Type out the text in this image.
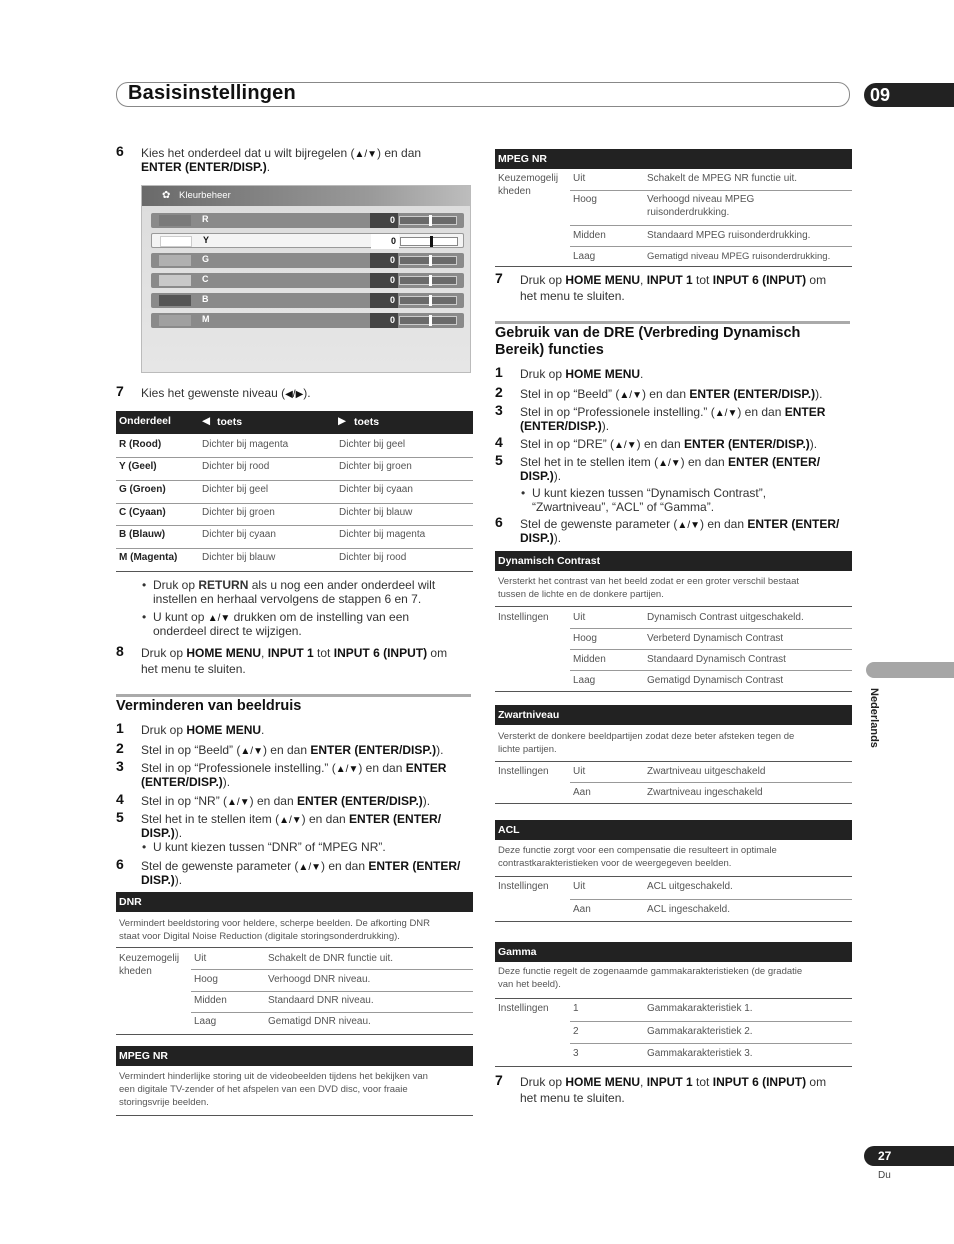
Basisinstellingen	09
6 Kies het onderdeel dat u wilt bijregelen (▲/▼) en dan
ENTER (ENTER/DISP.).
✿ Kleurbeheer
R	0
Y	0
G	0
C	0
B	0
M	0
7 Kies het gewenste niveau (◀/▶).
Onderdeel	◀ toets	▶ toets
R (Rood)	Dichter bij magenta	Dichter bij geel
Y (Geel)	Dichter bij rood	Dichter bij groen
G (Groen)	Dichter bij geel	Dichter bij cyaan
C (Cyaan)	Dichter bij groen	Dichter bij blauw
B (Blauw)	Dichter bij cyaan	Dichter bij magenta
M (Magenta) Dichter bij blauw	Dichter bij rood
• Druk op RETURN als u nog een ander onderdeel wilt
instellen en herhaal vervolgens de stappen 6 en 7.
• U kunt op ▲/▼ drukken om de instelling van een
onderdeel direct te wijzigen.
8 Druk op HOME MENU, INPUT 1 tot INPUT 6 (INPUT) om
het menu te sluiten.
Verminderen van beeldruis
1 Druk op HOME MENU.
2 Stel in op “Beeld” (▲/▼) en dan ENTER (ENTER/DISP.)).
3 Stel in op “Professionele instelling.” (▲/▼) en dan ENTER
(ENTER/DISP.)).
4 Stel in op “NR” (▲/▼) en dan ENTER (ENTER/DISP.)).
5 Stel het in te stellen item (▲/▼) en dan ENTER (ENTER/
DISP.)).
• U kunt kiezen tussen “DNR” of “MPEG NR”.
6 Stel de gewenste parameter (▲/▼) en dan ENTER (ENTER/
DISP.)).
DNR
Vermindert beeldstoring voor heldere, scherpe beelden. De afkorting DNR
staat voor Digital Noise Reduction (digitale storingsonderdrukking).
Keuzemogelij
kheden
Uit	Schakelt de DNR functie uit.
Hoog	Verhoogd DNR niveau.
Midden	Standaard DNR niveau.
Laag	Gematigd DNR niveau.
MPEG NR
Vermindert hinderlijke storing uit de videobeelden tijdens het bekijken van
een digitale TV-zender of het afspelen van een DVD disc, voor fraaie
storingsvrije beelden.
MPEG NR
Keuzemogelij
kheden
Uit	Schakelt de MPEG NR functie uit.
Hoog	Verhoogd niveau MPEG
ruisonderdrukking.
Midden	Standaard MPEG ruisonderdrukking.
Laag	Gematigd niveau MPEG ruisonderdrukking.
7 Druk op HOME MENU, INPUT 1 tot INPUT 6 (INPUT) om
het menu te sluiten.
Gebruik van de DRE (Verbreding Dynamisch
Bereik) functies
1 Druk op HOME MENU.
2 Stel in op “Beeld” (▲/▼) en dan ENTER (ENTER/DISP.)).
3 Stel in op “Professionele instelling.” (▲/▼) en dan ENTER
(ENTER/DISP.)).
4 Stel in op “DRE” (▲/▼) en dan ENTER (ENTER/DISP.)).
5 Stel het in te stellen item (▲/▼) en dan ENTER (ENTER/
DISP.)).
• U kunt kiezen tussen “Dynamisch Contrast”,
“Zwartniveau”, “ACL” of “Gamma”.
6 Stel de gewenste parameter (▲/▼) en dan ENTER (ENTER/
DISP.)).
Dynamisch Contrast
Versterkt het contrast van het beeld zodat er een groter verschil bestaat
tussen de lichte en de donkere partijen.
Instellingen Uit	Dynamisch Contrast uitgeschakeld.
Hoog	Verbeterd Dynamisch Contrast
Midden	Standaard Dynamisch Contrast
Laag	Gematigd Dynamisch Contrast
Zwartniveau
Versterkt de donkere beeldpartijen zodat deze beter afsteken tegen de
lichte partijen.
Instellingen Uit	Zwartniveau uitgeschakeld
Aan	Zwartniveau ingeschakeld
ACL
Deze functie zorgt voor een compensatie die resulteert in optimale
contrastkarakteristieken voor de weergegeven beelden.
Instellingen Uit	ACL uitgeschakeld.
Aan	ACL ingeschakeld.
Gamma
Deze functie regelt de zogenaamde gammakarakteristieken (de gradatie
van het beeld).
Instellingen 1	Gammakarakteristiek 1.
2	Gammakarakteristiek 2.
3	Gammakarakteristiek 3.
7 Druk op HOME MENU, INPUT 1 tot INPUT 6 (INPUT) om
het menu te sluiten.
Nederlands
27
Du
